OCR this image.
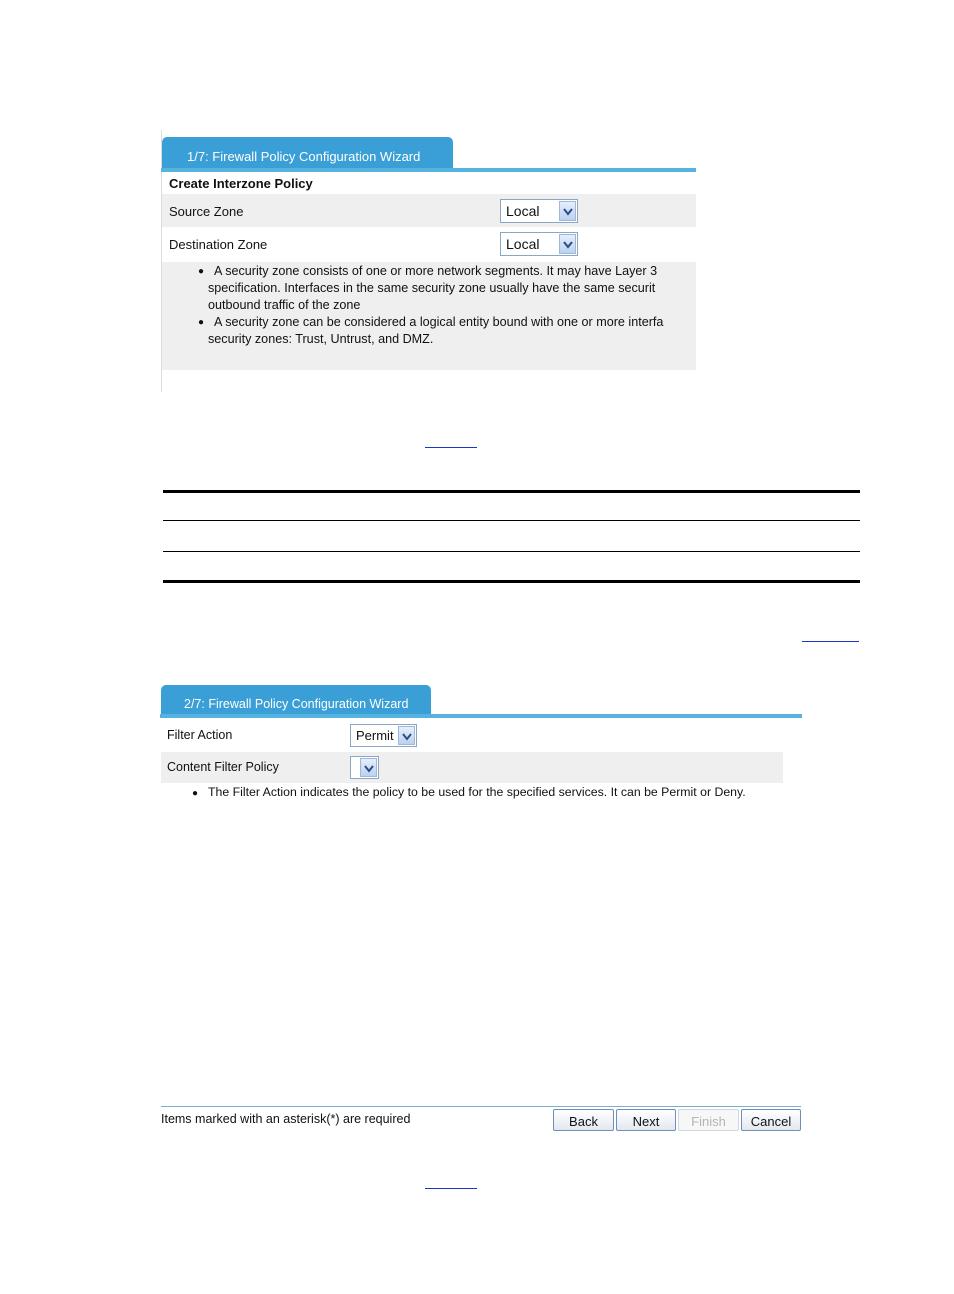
1/7: Firewall Policy Configuration Wizard
Create Interzone Policy
Source Zone	Local
Destination Zone	Local
● A security zone consists of one or more network segments. It may have Layer 3
specification. Interfaces in the same security zone usually have the same securit
outbound traffic of the zone
● A security zone can be considered a logical entity bound with one or more interfa
security zones: Trust, Untrust, and DMZ.
2/7: Firewall Policy Configuration Wizard
Filter Action	Permit
Content Filter Policy
● The Filter Action indicates the policy to be used for the specified services. It can be Permit or Deny.
Items marked with an asterisk(*) are required	Back	Next	Finish	Cancel
